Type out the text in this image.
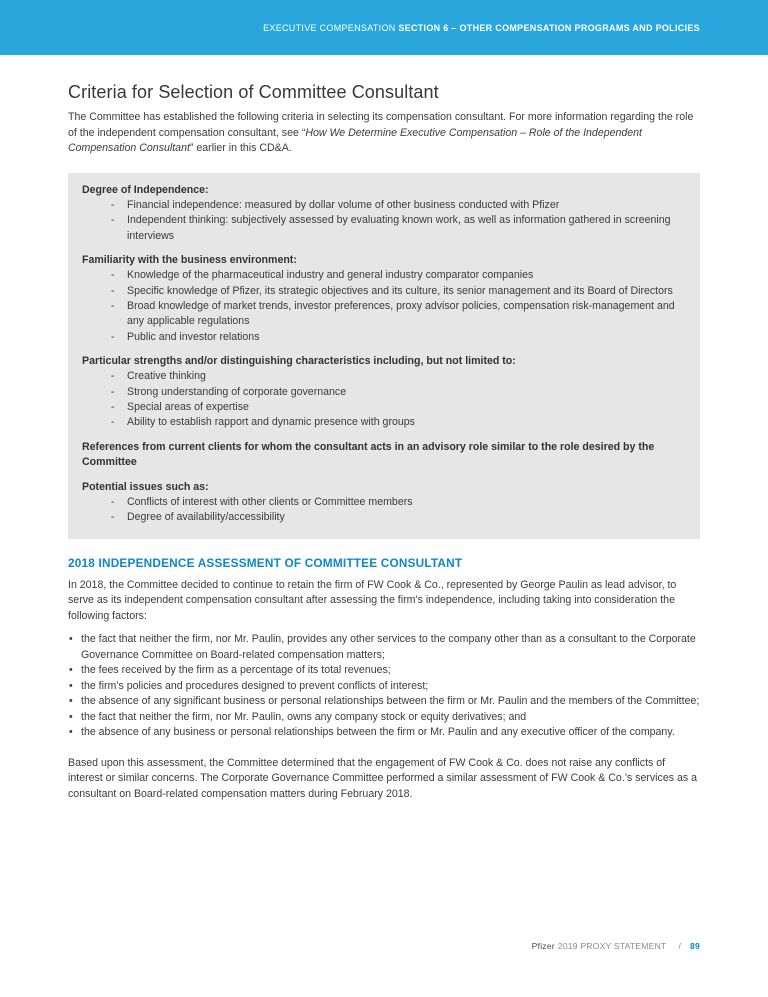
EXECUTIVE COMPENSATION SECTION 6 – OTHER COMPENSATION PROGRAMS AND POLICIES
Criteria for Selection of Committee Consultant

The Committee has established the following criteria in selecting its compensation consultant. For more information regarding the role of the independent compensation consultant, see “How We Determine Executive Compensation – Role of the Independent Compensation Consultant” earlier in this CD&A.

Degree of Independence:

- Financial independence: measured by dollar volume of other business conducted with Pfizer
- Independent thinking: subjectively assessed by evaluating known work, as well as information gathered in screening interviews

Familiarity with the business environment:

- Knowledge of the pharmaceutical industry and general industry comparator companies
- Specific knowledge of Pfizer, its strategic objectives and its culture, its senior management and its Board of Directors
- Broad knowledge of market trends, investor preferences, proxy advisor policies, compensation risk-management and any applicable regulations
- Public and investor relations

Particular strengths and/or distinguishing characteristics including, but not limited to:

- Creative thinking
- Strong understanding of corporate governance
- Special areas of expertise
- Ability to establish rapport and dynamic presence with groups

References from current clients for whom the consultant acts in an advisory role similar to the role desired by the Committee

Potential issues such as:

- Conflicts of interest with other clients or Committee members
- Degree of availability/accessibility
2018 INDEPENDENCE ASSESSMENT OF COMMITTEE CONSULTANT

In 2018, the Committee decided to continue to retain the firm of FW Cook & Co., represented by George Paulin as lead advisor, to serve as its independent compensation consultant after assessing the firm’s independence, including taking into consideration the following factors:

• the fact that neither the firm, nor Mr. Paulin, provides any other services to the company other than as a consultant to the Corporate Governance Committee on Board-related compensation matters;
• the fees received by the firm as a percentage of its total revenues;
• the firm’s policies and procedures designed to prevent conflicts of interest;
• the absence of any significant business or personal relationships between the firm or Mr. Paulin and the members of the Committee;
• the fact that neither the firm, nor Mr. Paulin, owns any company stock or equity derivatives; and
• the absence of any business or personal relationships between the firm or Mr. Paulin and any executive officer of the company.

Based upon this assessment, the Committee determined that the engagement of FW Cook & Co. does not raise any conflicts of interest or similar concerns. The Corporate Governance Committee performed a similar assessment of FW Cook & Co.’s services as a consultant on Board-related compensation matters during February 2018.

Pfizer 2019 PROXY STATEMENT / 89
